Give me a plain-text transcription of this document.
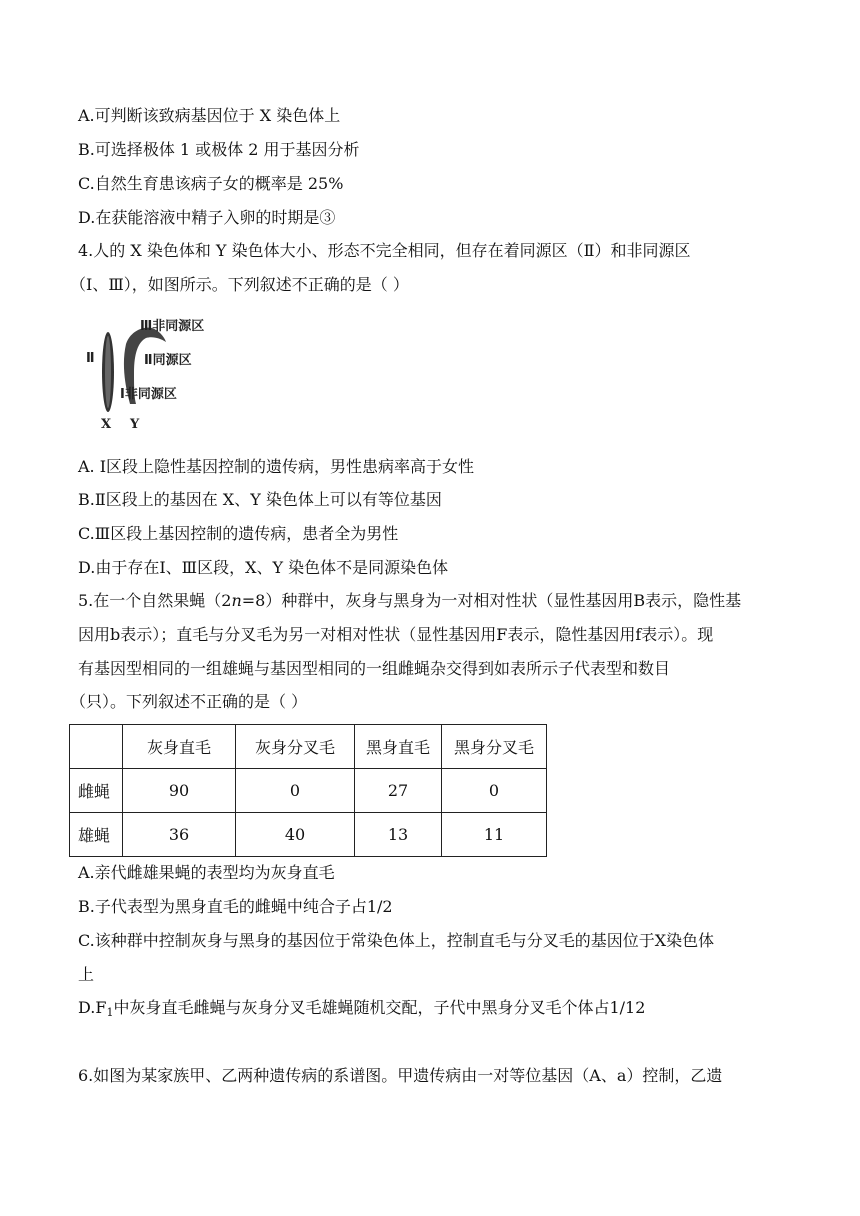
A.可判断该致病基因位于 X 染色体上
B.可选择极体 1 或极体 2 用于基因分析
C.自然生育患该病子女的概率是 25%
D.在获能溶液中精子入卵的时期是③
4.人的 X 染色体和 Y 染色体大小、形态不完全相同，但存在着同源区（Ⅱ）和非同源区
（Ⅰ、Ⅲ），如图所示。下列叙述不正确的是（ ）
Ⅲ非同源区
Ⅱ同源区
Ⅰ非同源区
Ⅱ
X Y
A. Ⅰ区段上隐性基因控制的遗传病，男性患病率高于女性
B.Ⅱ区段上的基因在 X、Y 染色体上可以有等位基因
C.Ⅲ区段上基因控制的遗传病，患者全为男性
D.由于存在Ⅰ、Ⅲ区段，X、Y 染色体不是同源染色体
5.在一个自然果蝇（2n=8）种群中，灰身与黑身为一对相对性状（显性基因用B表示，隐性基
因用b表示）；直毛与分叉毛为另一对相对性状（显性基因用F表示，隐性基因用f表示）。现
有基因型相同的一组雄蝇与基因型相同的一组雌蝇杂交得到如表所示子代表型和数目
（只）。下列叙述不正确的是（ ）
	灰身直毛	灰身分叉毛	黑身直毛	黑身分叉毛
雌蝇	90	0	27	0
雄蝇	36	40	13	11
A.亲代雌雄果蝇的表型均为灰身直毛
B.子代表型为黑身直毛的雌蝇中纯合子占1/2
C.该种群中控制灰身与黑身的基因位于常染色体上，控制直毛与分叉毛的基因位于X染色体
上
$D.F_1$中灰身直毛雌蝇与灰身分叉毛雄蝇随机交配，子代中黑身分叉毛个体占1/12
6.如图为某家族甲、乙两种遗传病的系谱图。甲遗传病由一对等位基因（A、a）控制，乙遗
